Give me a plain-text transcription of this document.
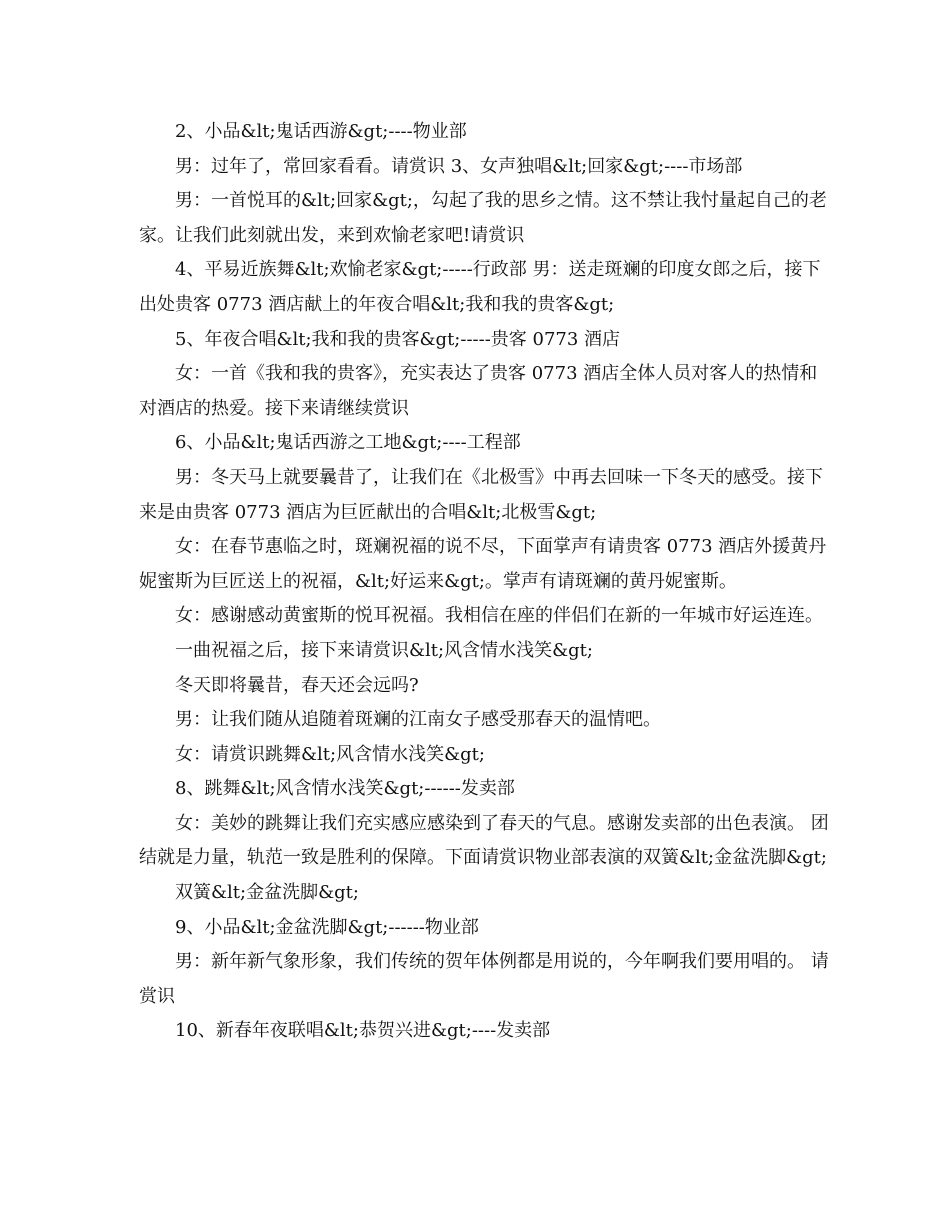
2、小品&lt;鬼话西游&gt;----物业部

男：过年了，常回家看看。请赏识 3、女声独唱&lt;回家&gt;----市场部

男：一首悦耳的&lt;回家&gt;，勾起了我的思乡之情。这不禁让我忖量起自己的老家。让我们此刻就出发，来到欢愉老家吧!请赏识

4、平易近族舞&lt;欢愉老家&gt;-----行政部 男：送走斑斓的印度女郎之后，接下出处贵客 0773 酒店献上的年夜合唱&lt;我和我的贵客&gt;

5、年夜合唱&lt;我和我的贵客&gt;-----贵客 0773 酒店

女：一首《我和我的贵客》，充实表达了贵客 0773 酒店全体人员对客人的热情和对酒店的热爱。接下来请继续赏识

6、小品&lt;鬼话西游之工地&gt;----工程部

男：冬天马上就要曩昔了，让我们在《北极雪》中再去回味一下冬天的感受。接下来是由贵客 0773 酒店为巨匠献出的合唱&lt;北极雪&gt;

女：在春节惠临之时，斑斓祝福的说不尽，下面掌声有请贵客 0773 酒店外援黄丹妮蜜斯为巨匠送上的祝福，&lt;好运来&gt;。掌声有请斑斓的黄丹妮蜜斯。

女：感谢感动黄蜜斯的悦耳祝福。我相信在座的伴侣们在新的一年城市好运连连。

一曲祝福之后，接下来请赏识&lt;风含情水浅笑&gt;

冬天即将曩昔，春天还会远吗?

男：让我们随从追随着斑斓的江南女子感受那春天的温情吧。

女：请赏识跳舞&lt;风含情水浅笑&gt;

8、跳舞&lt;风含情水浅笑&gt;------发卖部

女：美妙的跳舞让我们充实感应感染到了春天的气息。感谢发卖部的出色表演。 团结就是力量，轨范一致是胜利的保障。下面请赏识物业部表演的双簧&lt;金盆洗脚&gt;

双簧&lt;金盆洗脚&gt;

9、小品&lt;金盆洗脚&gt;------物业部

男：新年新气象形象，我们传统的贺年体例都是用说的，今年啊我们要用唱的。 请赏识

10、新春年夜联唱&lt;恭贺兴进&gt;----发卖部
